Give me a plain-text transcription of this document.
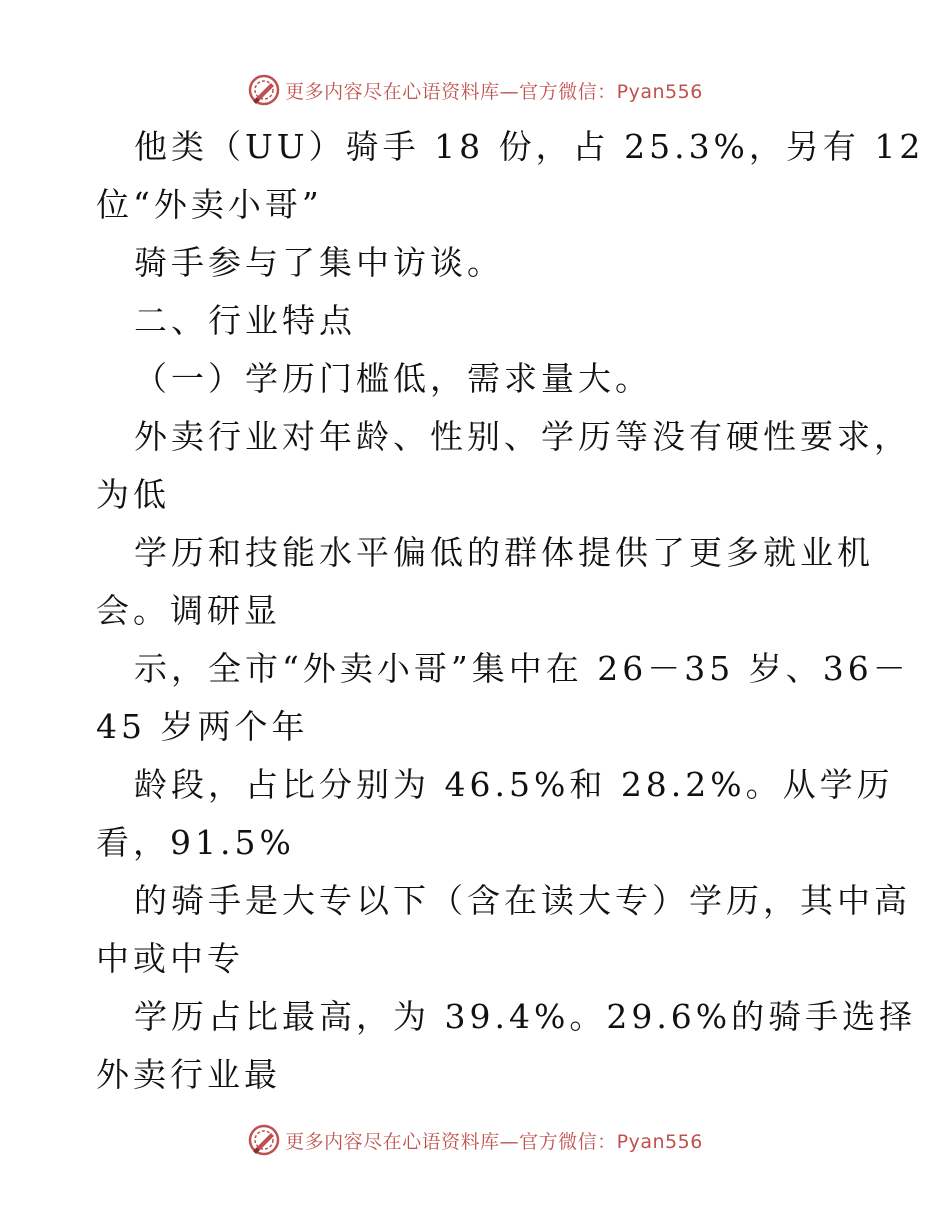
更多内容尽在心语资料库—官方微信：Pyan556
他类（UU）骑手 18 份，占 25.3%，另有 12
位“外卖小哥”
骑手参与了集中访谈。
二、行业特点
（一）学历门槛低，需求量大。
外卖行业对年龄、性别、学历等没有硬性要求，
为低
学历和技能水平偏低的群体提供了更多就业机
会。调研显
示，全市“外卖小哥”集中在 26－35 岁、36－
45 岁两个年
龄段，占比分别为 46.5%和 28.2%。从学历
看，91.5%
的骑手是大专以下（含在读大专）学历，其中高
中或中专
学历占比最高，为 39.4%。29.6%的骑手选择
外卖行业最
更多内容尽在心语资料库—官方微信：Pyan556
